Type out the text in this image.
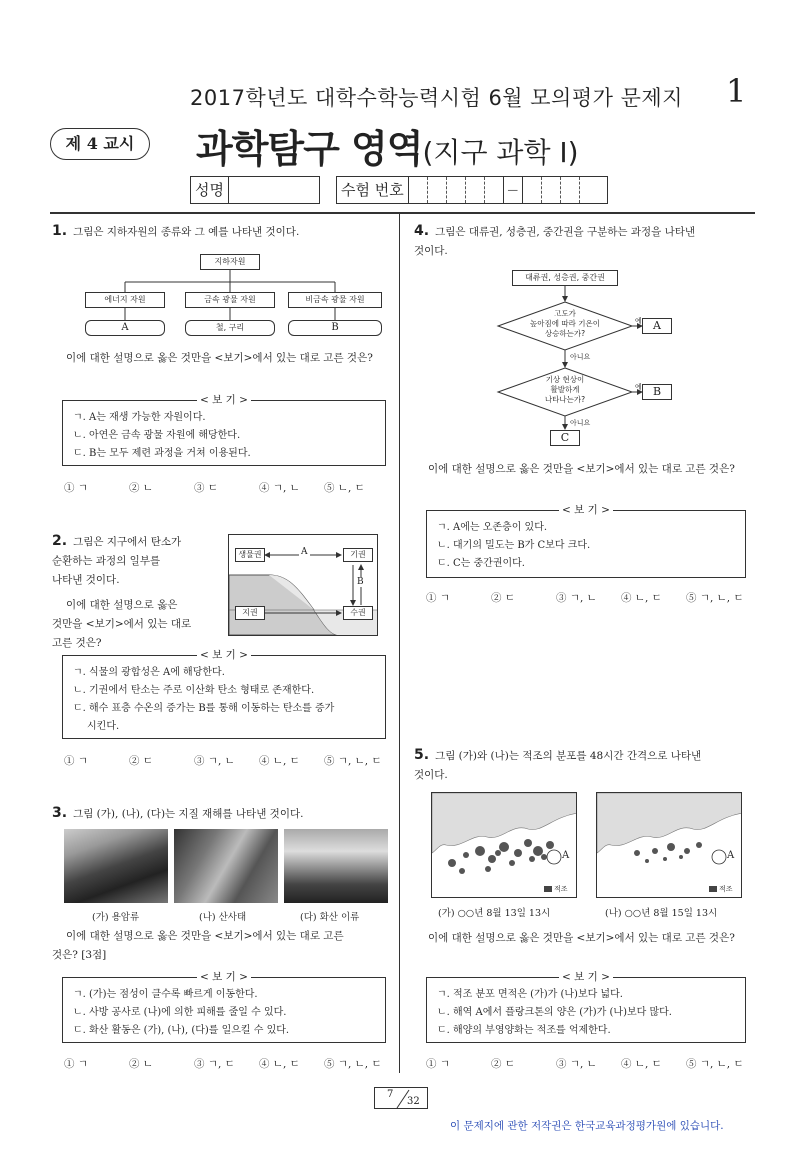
2017학년도 대학수학능력시험 6월 모의평가 문제지 1
제 4 교시	과학탐구 영역(지구 과학 Ⅰ)
성명	수험 번호	—
1. 그림은 지하자원의 종류와 그 예를 나타낸 것이다.
지하자원
에너지 자원	금속 광물 자원	비금속 광물 자원
A	철, 구리	B
이에 대한 설명으로 옳은 것만을 <보기>에서 있는 대로 고른 것은?
< 보 기 >
ㄱ. A는 재생 가능한 자원이다.
ㄴ. 아연은 금속 광물 자원에 해당한다.
ㄷ. B는 모두 제련 과정을 거쳐 이용된다.
① ㄱ	② ㄴ	③ ㄷ	④ ㄱ, ㄴ	⑤ ㄴ, ㄷ
2. 그림은 지구에서 탄소가
순환하는 과정의 일부를
나타낸 것이다.
이에 대한 설명으로 옳은
것만을 <보기>에서 있는 대로
고른 것은?
생물권	기권
지권	수권
A
B
< 보 기 >
ㄱ. 식물의 광합성은 A에 해당한다.
ㄴ. 기권에서 탄소는 주로 이산화 탄소 형태로 존재한다.
ㄷ. 해수 표층 수온의 증가는 B를 통해 이동하는 탄소를 증가
시킨다.
① ㄱ	② ㄷ	③ ㄱ, ㄴ	④ ㄴ, ㄷ	⑤ ㄱ, ㄴ, ㄷ
3. 그림 (가), (나), (다)는 지질 재해를 나타낸 것이다.
(가) 용암류	(나) 산사태	(다) 화산 이류
이에 대한 설명으로 옳은 것만을 <보기>에서 있는 대로 고른
것은? [3점]
< 보 기 >
ㄱ. (가)는 점성이 클수록 빠르게 이동한다.
ㄴ. 사방 공사로 (나)에 의한 피해를 줄일 수 있다.
ㄷ. 화산 활동은 (가), (나), (다)를 일으킬 수 있다.
① ㄱ	② ㄴ	③ ㄱ, ㄷ	④ ㄴ, ㄷ	⑤ ㄱ, ㄴ, ㄷ
4. 그림은 대류권, 성층권, 중간권을 구분하는 과정을 나타낸
것이다.
대류권, 성층권, 중간권
고도가
높아짐에 따라 기온이
상승하는가?
기상 현상이
활발하게
나타나는가?
예
예
아니요
아니요
A
B
C
이에 대한 설명으로 옳은 것만을 <보기>에서 있는 대로 고른 것은?
< 보 기 >
ㄱ. A에는 오존층이 있다.
ㄴ. 대기의 밀도는 B가 C보다 크다.
ㄷ. C는 중간권이다.
① ㄱ	② ㄷ	③ ㄱ, ㄴ	④ ㄴ, ㄷ	⑤ ㄱ, ㄴ, ㄷ
5. 그림 (가)와 (나)는 적조의 분포를 48시간 간격으로 나타낸
것이다.
A
적조
A
적조
(가) ○○년 8월 13일 13시	(나) ○○년 8월 15일 13시
이에 대한 설명으로 옳은 것만을 <보기>에서 있는 대로 고른 것은?
< 보 기 >
ㄱ. 적조 분포 면적은 (가)가 (나)보다 넓다.
ㄴ. 해역 A에서 플랑크톤의 양은 (가)가 (나)보다 많다.
ㄷ. 해양의 부영양화는 적조를 억제한다.
① ㄱ	② ㄷ	③ ㄱ, ㄴ	④ ㄴ, ㄷ	⑤ ㄱ, ㄴ, ㄷ
7
32
이 문제지에 관한 저작권은 한국교육과정평가원에 있습니다.
